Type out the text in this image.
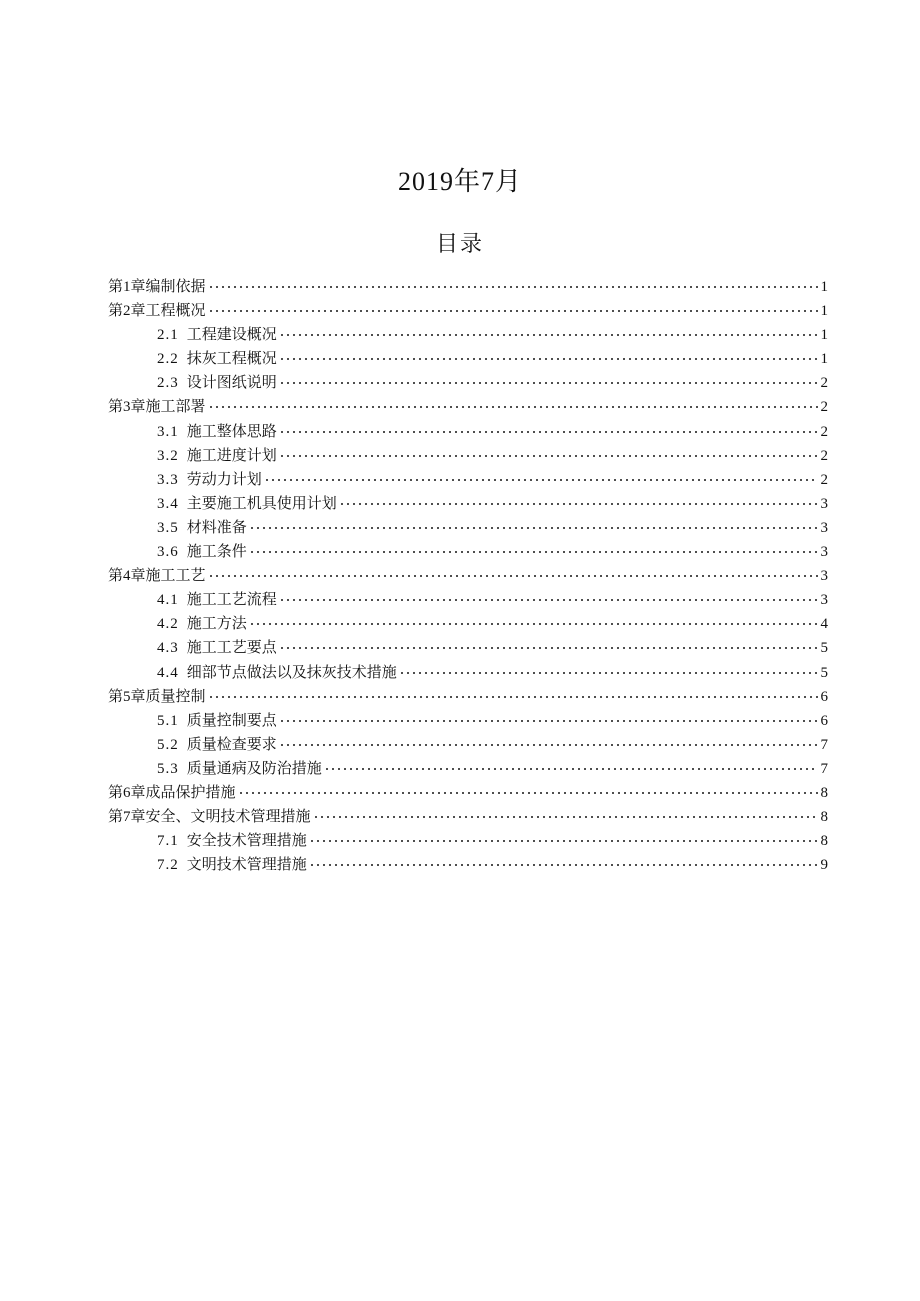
2019年7月
目录
第1章编制依据	1
第2章工程概况	1
2.1 工程建设概况	1
2.2 抹灰工程概况	1
2.3 设计图纸说明	2
第3章施工部署	2
3.1 施工整体思路	2
3.2 施工进度计划	2
3.3 劳动力计划	2
3.4 主要施工机具使用计划	3
3.5 材料准备	3
3.6 施工条件	3
第4章施工工艺	3
4.1 施工工艺流程	3
4.2 施工方法	4
4.3 施工工艺要点	5
4.4 细部节点做法以及抹灰技术措施	5
第5章质量控制	6
5.1 质量控制要点	6
5.2 质量检查要求	7
5.3 质量通病及防治措施	7
第6章成品保护措施	8
第7章安全、文明技术管理措施	8
7.1 安全技术管理措施	8
7.2 文明技术管理措施	9
